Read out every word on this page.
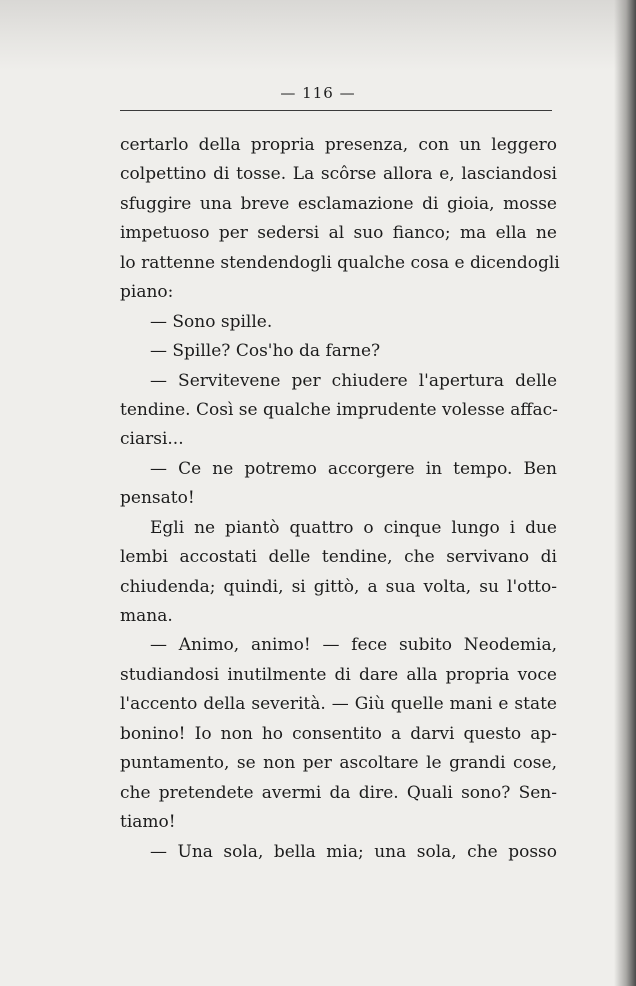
— 116 —
certarlo della propria presenza, con un leggero
colpettino di tosse. La scôrse allora e, lasciandosi
sfuggire una breve esclamazione di gioia, mosse
impetuoso per sedersi al suo fianco; ma ella ne
lo rattenne stendendogli qualche cosa e dicendogli
piano:
— Sono spille.
— Spille? Cos'ho da farne?
— Servitevene per chiudere l'apertura delle
tendine. Così se qualche imprudente volesse affac-
ciarsi...
— Ce ne potremo accorgere in tempo. Ben
pensato!
Egli ne piantò quattro o cinque lungo i due
lembi accostati delle tendine, che servivano di
chiudenda; quindi, si gittò, a sua volta, su l'otto-
mana.
— Animo, animo! — fece subito Neodemia,
studiandosi inutilmente di dare alla propria voce
l'accento della severità. — Giù quelle mani e state
bonino! Io non ho consentito a darvi questo ap-
puntamento, se non per ascoltare le grandi cose,
che pretendete avermi da dire. Quali sono? Sen-
tiamo!
— Una sola, bella mia; una sola, che posso
